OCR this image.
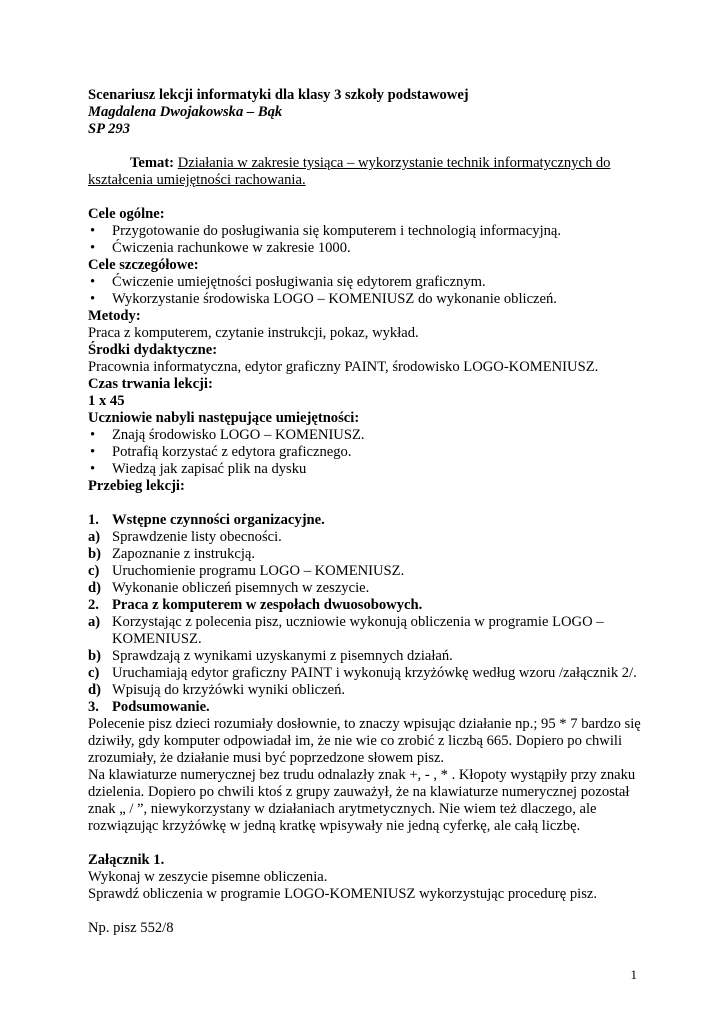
Scenariusz lekcji informatyki dla klasy 3 szkoły podstawowej
Magdalena Dwojakowska – Bąk
SP 293
Temat: Działania w zakresie tysiąca – wykorzystanie technik informatycznych do kształcenia umiejętności rachowania.
Cele ogólne:
• Przygotowanie do posługiwania się komputerem i technologią informacyjną.
• Ćwiczenia rachunkowe w zakresie 1000.
Cele szczegółowe:
• Ćwiczenie umiejętności posługiwania się edytorem graficznym.
• Wykorzystanie środowiska LOGO – KOMENIUSZ do wykonanie obliczeń.
Metody:
Praca z komputerem, czytanie instrukcji, pokaz, wykład.
Środki dydaktyczne:
Pracownia informatyczna, edytor graficzny PAINT, środowisko LOGO-KOMENIUSZ.
Czas trwania lekcji:
1 x 45
Uczniowie nabyli następujące umiejętności:
• Znają środowisko LOGO – KOMENIUSZ.
• Potrafią korzystać z edytora graficznego.
• Wiedzą jak zapisać plik na dysku
Przebieg lekcji:
1. Wstępne czynności organizacyjne.
a) Sprawdzenie listy obecności.
b) Zapoznanie z instrukcją.
c) Uruchomienie programu LOGO – KOMENIUSZ.
d) Wykonanie obliczeń pisemnych w zeszycie.
2. Praca z komputerem w zespołach dwuosobowych.
a) Korzystając z polecenia pisz, uczniowie wykonują obliczenia w programie LOGO – KOMENIUSZ.
b) Sprawdzają z wynikami uzyskanymi z pisemnych działań.
c) Uruchamiają edytor graficzny PAINT i wykonują krzyżówkę według wzoru /załącznik 2/.
d) Wpisują do krzyżówki wyniki obliczeń.
3. Podsumowanie.
Polecenie pisz dzieci rozumiały dosłownie, to znaczy wpisując działanie np.; 95 * 7 bardzo się dziwiły, gdy komputer odpowiadał im, że nie wie co zrobić z liczbą 665. Dopiero po chwili zrozumiały, że działanie musi być poprzedzone słowem pisz.
Na klawiaturze numerycznej bez trudu odnalazły znak +, - , * . Kłopoty wystąpiły przy znaku dzielenia. Dopiero po chwili ktoś z grupy zauważył, że na klawiaturze numerycznej pozostał znak „ / ”, niewykorzystany w działaniach arytmetycznych. Nie wiem też dlaczego, ale rozwiązując krzyżówkę w jedną kratkę wpisywały nie jedną cyferkę, ale całą liczbę.
Załącznik 1.
Wykonaj w zeszycie pisemne obliczenia.
Sprawdź obliczenia w programie LOGO-KOMENIUSZ wykorzystując procedurę pisz.
Np. pisz 552/8
1
